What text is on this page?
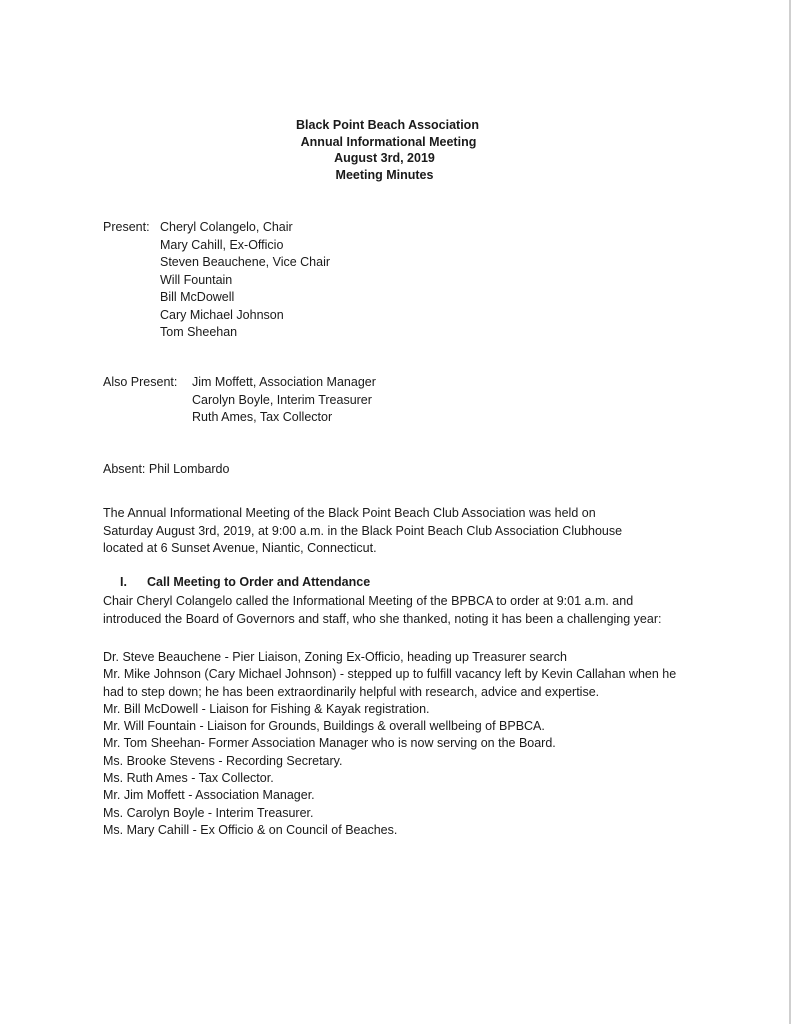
Black Point Beach Association
Annual Informational Meeting
August 3rd, 2019
Meeting Minutes
Present: Cheryl Colangelo, Chair
Mary Cahill, Ex-Officio
Steven Beauchene, Vice Chair
Will Fountain
Bill McDowell
Cary Michael Johnson
Tom Sheehan
Also Present: Jim Moffett, Association Manager
Carolyn Boyle, Interim Treasurer
Ruth Ames, Tax Collector
Absent: Phil Lombardo
The Annual Informational Meeting of the Black Point Beach Club Association was held on Saturday August 3rd, 2019, at 9:00 a.m. in the Black Point Beach Club Association Clubhouse located at 6 Sunset Avenue, Niantic, Connecticut.
I. Call Meeting to Order and Attendance
Chair Cheryl Colangelo called the Informational Meeting of the BPBCA to order at 9:01 a.m. and introduced the Board of Governors and staff, who she thanked, noting it has been a challenging year:
Dr. Steve Beauchene - Pier Liaison, Zoning Ex-Officio, heading up Treasurer search
Mr. Mike Johnson (Cary Michael Johnson) - stepped up to fulfill vacancy left by Kevin Callahan when he had to step down; he has been extraordinarily helpful with research, advice and expertise.
Mr. Bill McDowell - Liaison for Fishing & Kayak registration.
Mr. Will Fountain - Liaison for Grounds, Buildings & overall wellbeing of BPBCA.
Mr. Tom Sheehan- Former Association Manager who is now serving on the Board.
Ms. Brooke Stevens - Recording Secretary.
Ms. Ruth Ames - Tax Collector.
Mr. Jim Moffett - Association Manager.
Ms. Carolyn Boyle - Interim Treasurer.
Ms. Mary Cahill - Ex Officio & on Council of Beaches.
